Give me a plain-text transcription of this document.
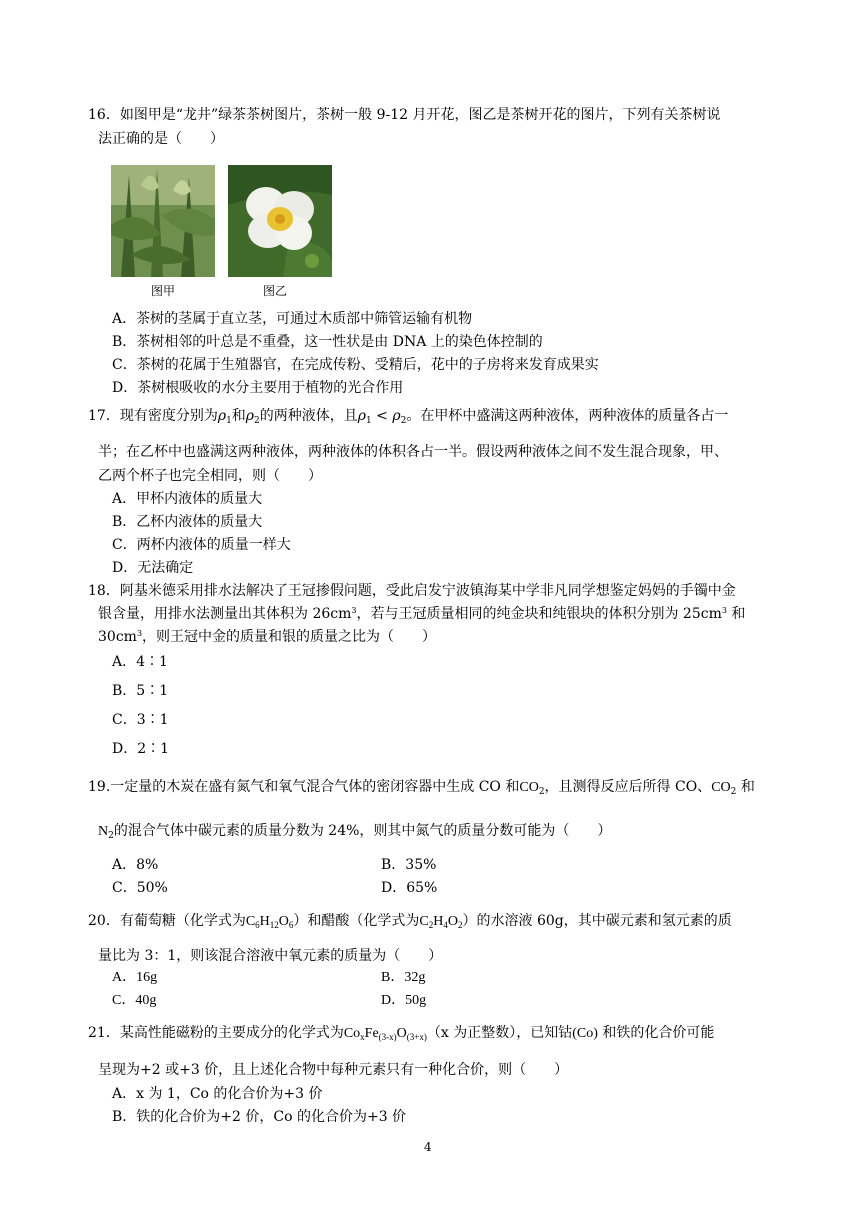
16．如图甲是“龙井”绿茶茶树图片，茶树一般 9-12 月开花，图乙是茶树开花的图片，下列有关茶树说
法正确的是（　　）
图甲	图乙
A．茶树的茎属于直立茎，可通过木质部中筛管运输有机物
B．茶树相邻的叶总是不重叠，这一性状是由 DNA 上的染色体控制的
C．茶树的花属于生殖器官，在完成传粉、受精后，花中的子房将来发育成果实
D．茶树根吸收的水分主要用于植物的光合作用
17．现有密度分别为$\rho_1$和$\rho_2$的两种液体，且$\rho_1 < \rho_2$。在甲杯中盛满这两种液体，两种液体的质量各占一
半；在乙杯中也盛满这两种液体，两种液体的体积各占一半。假设两种液体之间不发生混合现象，甲、
乙两个杯子也完全相同，则（　　）
A．甲杯内液体的质量大
B．乙杯内液体的质量大
C．两杯内液体的质量一样大
D．无法确定
18．阿基米德采用排水法解决了王冠掺假问题，受此启发宁波镇海某中学非凡同学想鉴定妈妈的手镯中金
银含量，用排水法测量出其体积为 $26cm^3$，若与王冠质量相同的纯金块和纯银块的体积分别为 $25cm^3$ 和
$30cm^3$，则王冠中金的质量和银的质量之比为（　　）
A．4∶1
B．5∶1
C．3∶1
D．2∶1
19.一定量的木炭在盛有氮气和氧气混合气体的密闭容器中生成 CO 和$CO_2$，且测得反应后所得 CO、$CO_2$ 和
$N_2$的混合气体中碳元素的质量分数为 24%，则其中氮气的质量分数可能为（　　）
A．8%	B．35%
C．50%	D．65%
20．有葡萄糖（化学式为$C_6H_{12}O_6$）和醋酸（化学式为$C_2H_4O_2$）的水溶液 60g，其中碳元素和氢元素的质
量比为 3：1，则该混合溶液中氧元素的质量为（　　）
A．16g	B．32g
C．40g	D．50g
21．某高性能磁粉的主要成分的化学式为$Co_xFe_{(3-x)}O_{(3+x)}(x$ 为正整数），已知钴(Co) 和铁的化合价可能
呈现为+2 或+3 价，且上述化合物中每种元素只有一种化合价，则（　　）
A．x 为 1，Co 的化合价为+3 价
B．铁的化合价为+2 价，Co 的化合价为+3 价
4
